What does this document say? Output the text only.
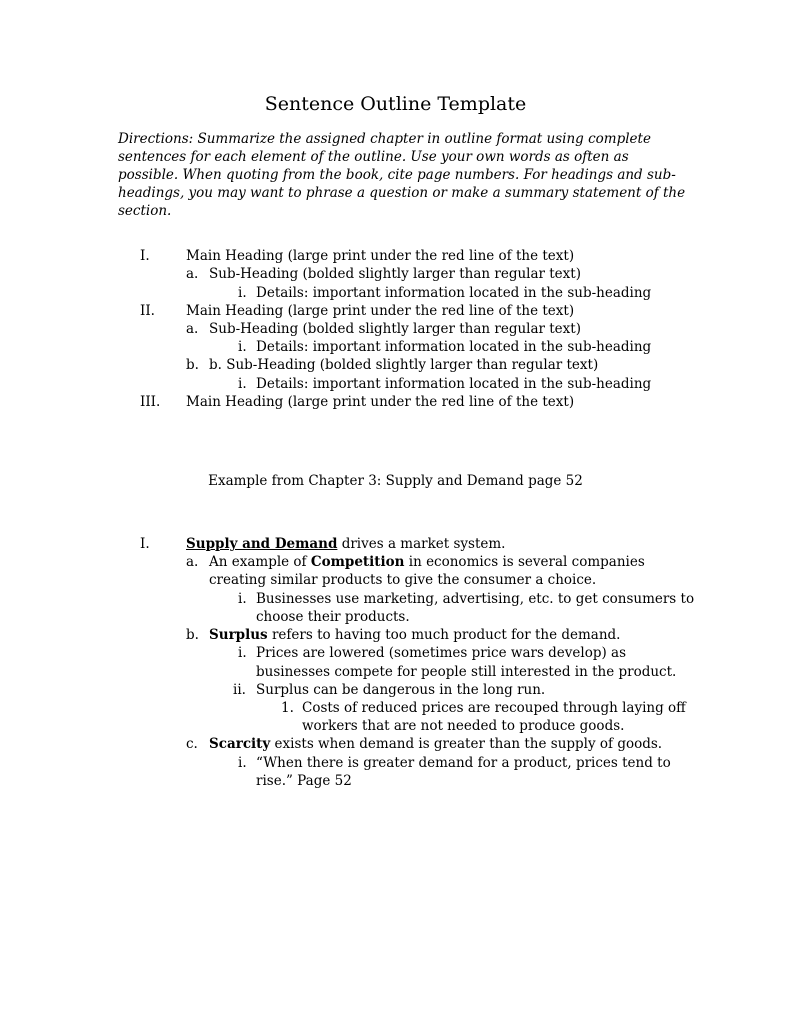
Sentence Outline Template
Directions: Summarize the assigned chapter in outline format using complete sentences for each element of the outline. Use your own words as often as possible. When quoting from the book, cite page numbers. For headings and sub-headings, you may want to phrase a question or make a summary statement of the section.
I.	Main Heading (large print under the red line of the text)
a. Sub-Heading (bolded slightly larger than regular text)
i. Details: important information located in the sub-heading
II. Main Heading (large print under the red line of the text)
a. Sub-Heading (bolded slightly larger than regular text)
i. Details: important information located in the sub-heading
b. b. Sub-Heading (bolded slightly larger than regular text)
i. Details: important information located in the sub-heading
III. Main Heading (large print under the red line of the text)
Example from Chapter 3: Supply and Demand page 52
I.	Supply and Demand drives a market system.
a. An example of Competition in economics is several companies
creating similar products to give the consumer a choice.
i. Businesses use marketing, advertising, etc. to get consumers to
choose their products.
b. Surplus refers to having too much product for the demand.
i. Prices are lowered (sometimes price wars develop) as
businesses compete for people still interested in the product.
ii. Surplus can be dangerous in the long run.
1. Costs of reduced prices are recouped through laying off
workers that are not needed to produce goods.
c. Scarcity exists when demand is greater than the supply of goods.
i. “When there is greater demand for a product, prices tend to
rise.” Page 52
